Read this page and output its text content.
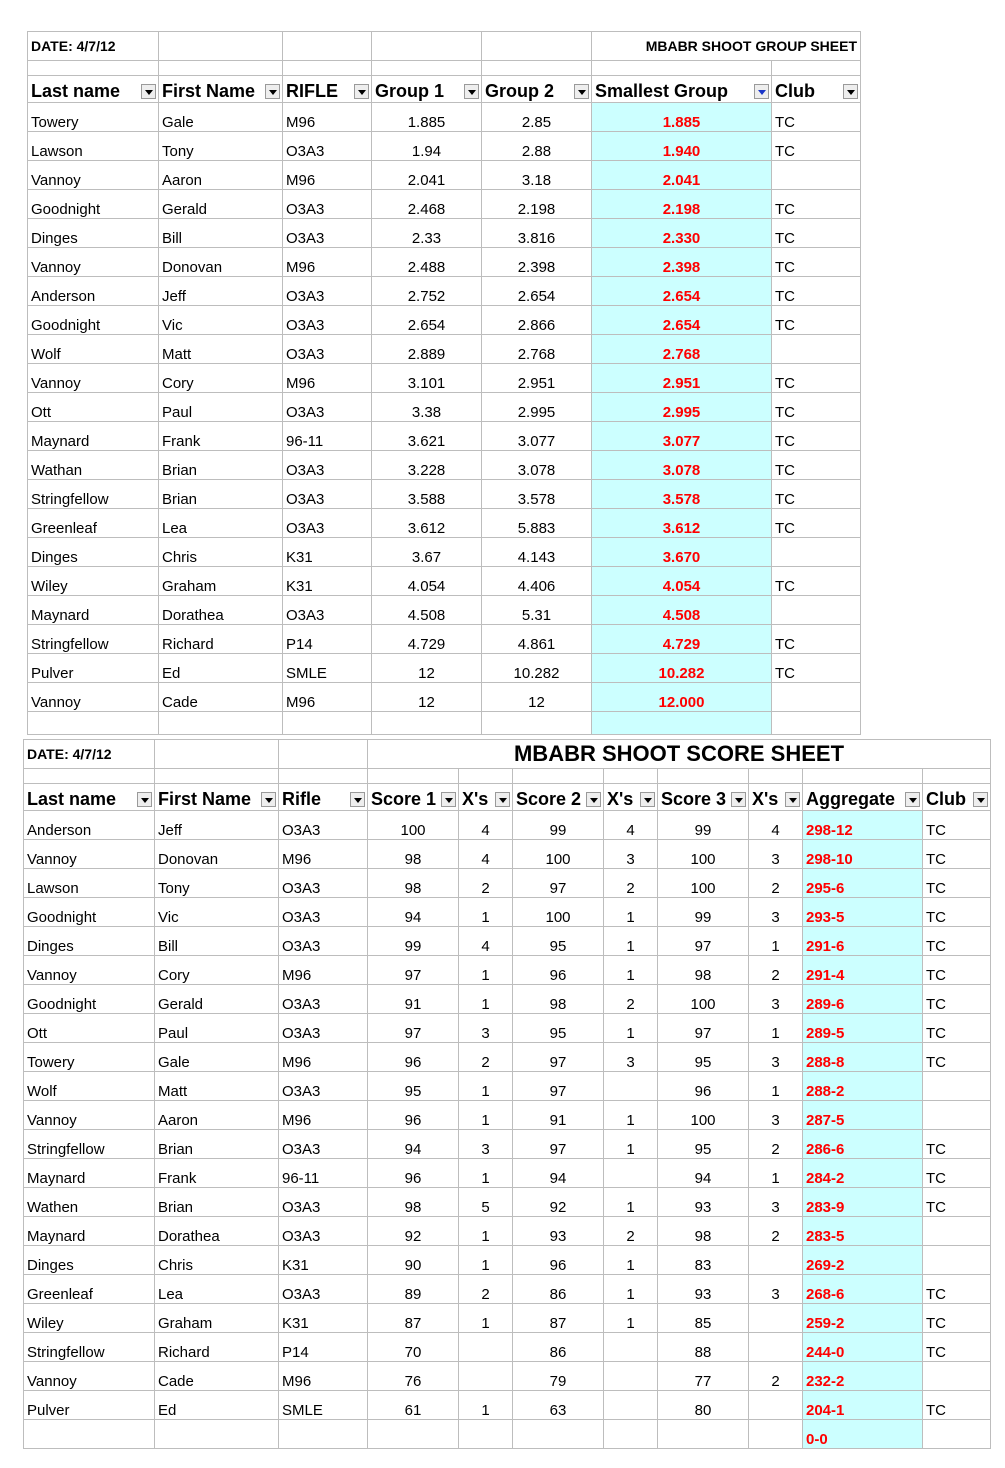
DATE: 4/7/12					MBABR SHOOT GROUP SHEET	

Last name	First Name	RIFLE	Group 1	Group 2	Smallest Group	Club

Towery	Gale	M96	1.885	2.85	1.885	TC
Lawson	Tony	O3A3	1.94	2.88	1.940	TC
Vannoy	Aaron	M96	2.041	3.18	2.041	
Goodnight	Gerald	O3A3	2.468	2.198	2.198	TC
Dinges	Bill	O3A3	2.33	3.816	2.330	TC
Vannoy	Donovan	M96	2.488	2.398	2.398	TC
Anderson	Jeff	O3A3	2.752	2.654	2.654	TC
Goodnight	Vic	O3A3	2.654	2.866	2.654	TC
Wolf	Matt	O3A3	2.889	2.768	2.768	
Vannoy	Cory	M96	3.101	2.951	2.951	TC
Ott	Paul	O3A3	3.38	2.995	2.995	TC
Maynard	Frank	96-11	3.621	3.077	3.077	TC
Wathan	Brian	O3A3	3.228	3.078	3.078	TC
Stringfellow	Brian	O3A3	3.588	3.578	3.578	TC
Greenleaf	Lea	O3A3	3.612	5.883	3.612	TC
Dinges	Chris	K31	3.67	4.143	3.670	
Wiley	Graham	K31	4.054	4.406	4.054	TC
Maynard	Dorathea	O3A3	4.508	5.31	4.508	
Stringfellow	Richard	P14	4.729	4.861	4.729	TC
Pulver	Ed	SMLE	12	10.282	10.282	TC
Vannoy	Cade	M96	12	12	12.000	

DATE: 4/7/12			MBABR SHOOT SCORE SHEET							

Last name	First Name	Rifle	Score 1	X's	Score 2	X's	Score 3	X's	Aggregate	Club

Anderson	Jeff	O3A3	100	4	99	4	99	4	298-12	TC
Vannoy	Donovan	M96	98	4	100	3	100	3	298-10	TC
Lawson	Tony	O3A3	98	2	97	2	100	2	295-6	TC
Goodnight	Vic	O3A3	94	1	100	1	99	3	293-5	TC
Dinges	Bill	O3A3	99	4	95	1	97	1	291-6	TC
Vannoy	Cory	M96	97	1	96	1	98	2	291-4	TC
Goodnight	Gerald	O3A3	91	1	98	2	100	3	289-6	TC
Ott	Paul	O3A3	97	3	95	1	97	1	289-5	TC
Towery	Gale	M96	96	2	97	3	95	3	288-8	TC
Wolf	Matt	O3A3	95	1	97		96	1	288-2	
Vannoy	Aaron	M96	96	1	91	1	100	3	287-5	
Stringfellow	Brian	O3A3	94	3	97	1	95	2	286-6	TC
Maynard	Frank	96-11	96	1	94		94	1	284-2	TC
Wathen	Brian	O3A3	98	5	92	1	93	3	283-9	TC
Maynard	Dorathea	O3A3	92	1	93	2	98	2	283-5	
Dinges	Chris	K31	90	1	96	1	83		269-2	
Greenleaf	Lea	O3A3	89	2	86	1	93	3	268-6	TC
Wiley	Graham	K31	87	1	87	1	85		259-2	TC
Stringfellow	Richard	P14	70		86		88		244-0	TC
Vannoy	Cade	M96	76		79		77	2	232-2	
Pulver	Ed	SMLE	61	1	63		80		204-1	TC
									0-0	
